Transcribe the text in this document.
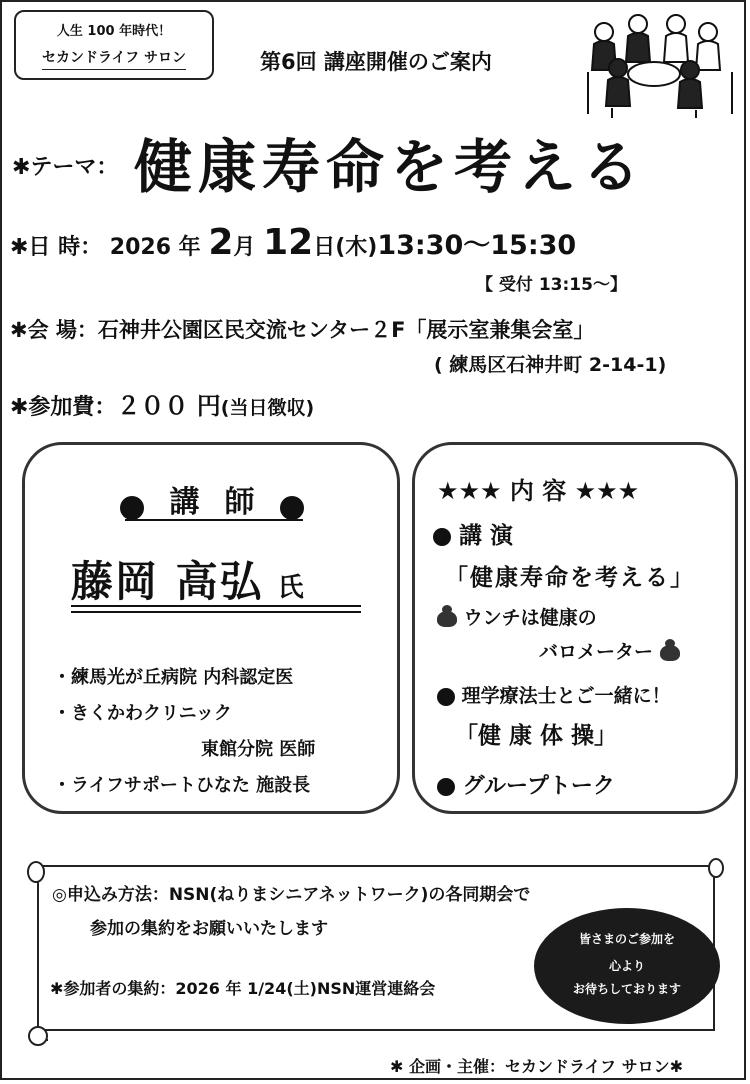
人生 100 年時代！
セカンドライフ サロン	第6回 講座開催のご案内
✱テーマ： 健康寿命を考える
✱日 時： 2026 年 2月 12日(木)13:30～15:30
【 受付 13:15～】
✱会 場：石神井公園区民交流センター２F「展示室兼集会室」
( 練馬区石神井町 2-14-1)
✱参加費：２００ 円(当日徴収)
講 師
藤岡 高弘 氏
・練馬光が丘病院 内科認定医
・きくかわクリニック
東館分院 医師
・ライフサポートひなた 施設長
★★★ 内 容 ★★★
講 演
「健康寿命を考える」
ウンチは健康の
バロメーター
理学療法士とご一緒に！
「健 康 体 操」
グループトーク
◎申込み方法：NSN(ねりまシニアネットワーク)の各同期会で
参加の集約をお願いいたします
✱参加者の集約：2026 年 1/24(土)NSN運営連絡会
皆さまのご参加を
心より
お待ちしております
✱ 企画・主催：セカンドライフ サロン✱
